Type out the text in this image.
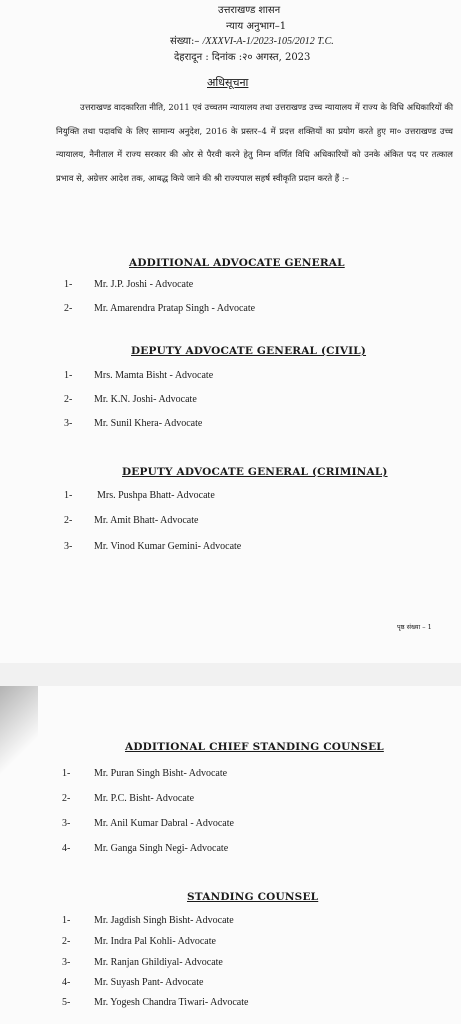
उत्तराखण्ड शासन
न्याय अनुभाग–1
संख्या:– /XXXVI-A-1/2023-105/2012 T.C.
देहरादून : दिनांक :२० अगस्त, 2023
अधिसूचना
उत्तराखण्ड वादकारिता नीति, 2011 एवं उच्चतम न्यायालय तथा उत्तराखण्ड उच्च न्यायालय में राज्य के विधि अधिकारियों की नियुक्ति तथा पदावधि के लिए सामान्य अनुदेश, 2016 के प्रस्तर–4 में प्रदत्त शक्तियों का प्रयोग करते हुए मा० उत्तराखण्ड उच्च न्यायालय, नैनीताल में राज्य सरकार की ओर से पैरवी करने हेतु निम्न वर्णित विधि अधिकारियों को उनके अंकित पद पर तत्काल प्रभाव से, अग्रेत्तर आदेश तक, आबद्ध किये जाने की श्री राज्यपाल सहर्ष स्वीकृति प्रदान करते हैं :–
ADDITIONAL ADVOCATE GENERAL
1- Mr. J.P. Joshi - Advocate
2- Mr. Amarendra Pratap Singh - Advocate
DEPUTY ADVOCATE GENERAL (CIVIL)
1- Mrs. Mamta Bisht - Advocate
2- Mr. K.N. Joshi- Advocate
3- Mr. Sunil Khera- Advocate
DEPUTY ADVOCATE GENERAL (CRIMINAL)
1- Mrs. Pushpa Bhatt- Advocate
2- Mr. Amit Bhatt- Advocate
3- Mr. Vinod Kumar Gemini- Advocate
पृष्ठ संख्या – 1
ADDITIONAL CHIEF STANDING COUNSEL
1- Mr. Puran Singh Bisht- Advocate
2- Mr. P.C. Bisht- Advocate
3- Mr. Anil Kumar Dabral - Advocate
4- Mr. Ganga Singh Negi- Advocate
STANDING COUNSEL
1- Mr. Jagdish Singh Bisht- Advocate
2- Mr. Indra Pal Kohli- Advocate
3- Mr. Ranjan Ghildiyal- Advocate
4- Mr. Suyash Pant- Advocate
5- Mr. Yogesh Chandra Tiwari- Advocate
